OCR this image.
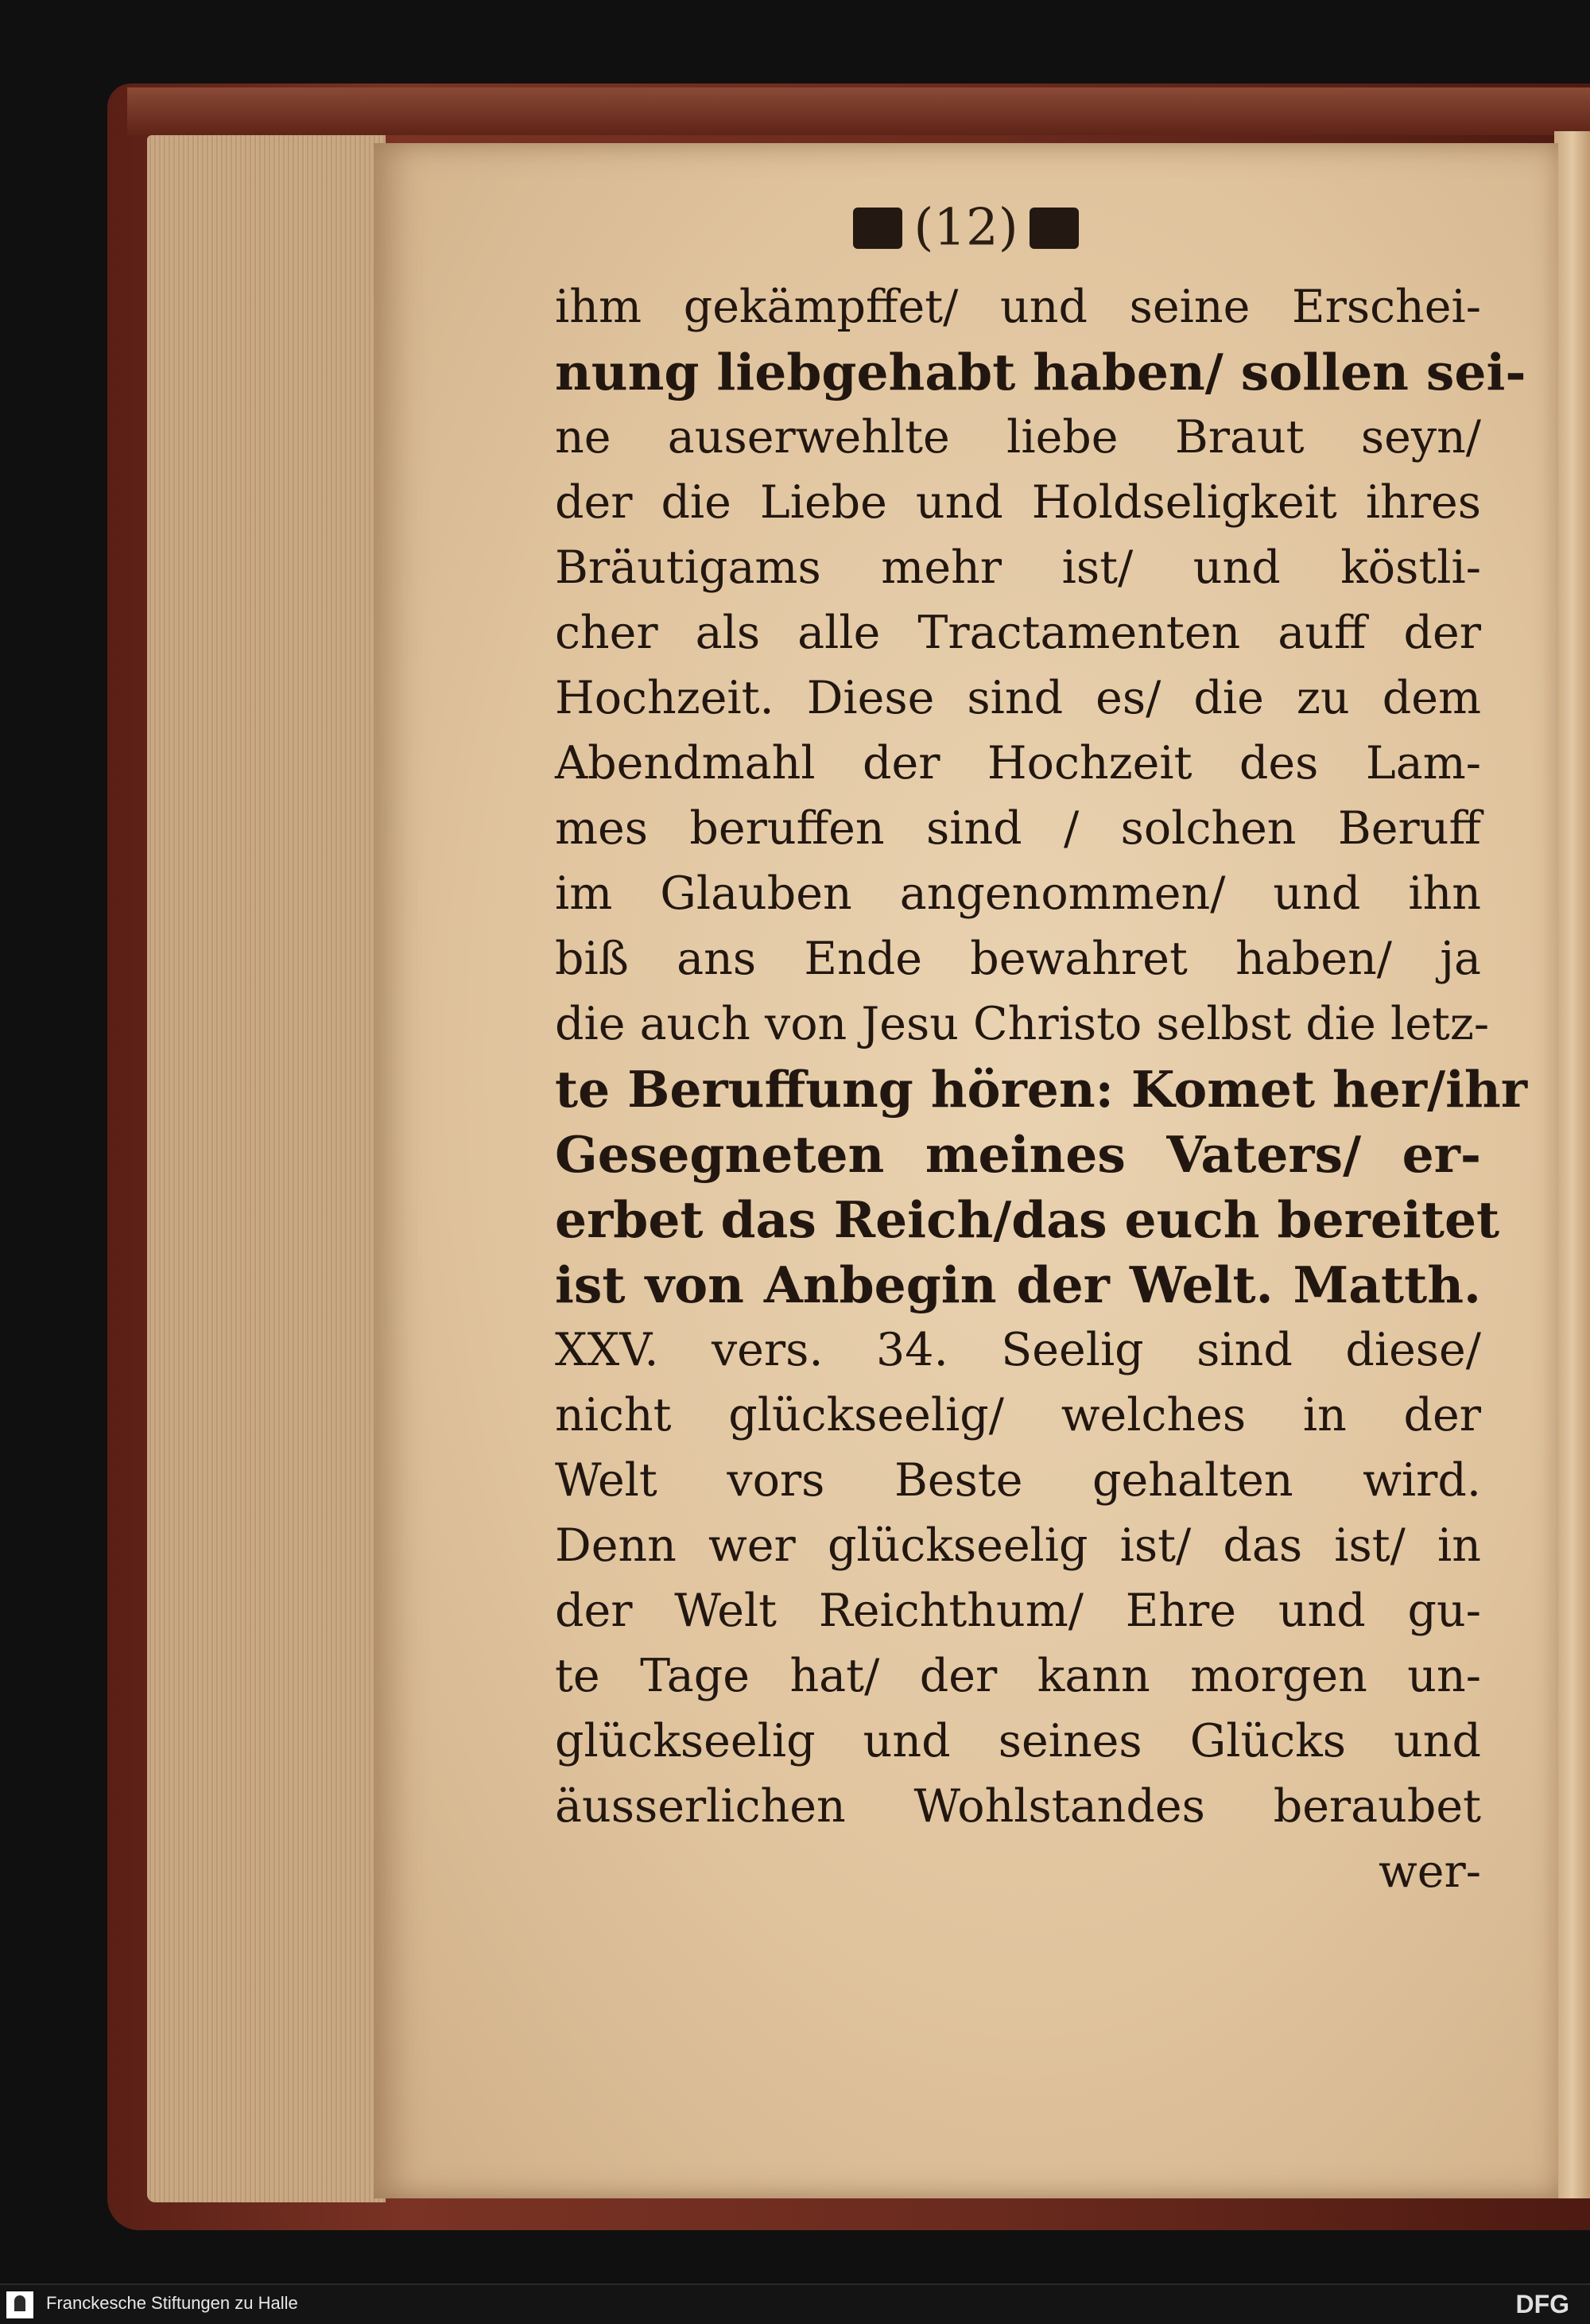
(12)
ihm gekämpffet/ und seine Erschei-
nung liebgehabt haben/ sollen sei-
ne auserwehlte liebe Braut seyn/
der die Liebe und Holdseligkeit ihres
Bräutigams mehr ist/ und köstli-
cher als alle Tractamenten auff der
Hochzeit. Diese sind es/ die zu dem
Abendmahl der Hochzeit des Lam-
mes beruffen sind / solchen Beruff
im Glauben angenommen/ und ihn
biß ans Ende bewahret haben/ ja
die auch von Jesu Christo selbst die letz-
te Beruffung hören: Komet her/ihr
Gesegneten meines Vaters/ er-
erbet das Reich/das euch bereitet
ist von Anbegin der Welt. Matth.
XXV. vers. 34. Seelig sind diese/
nicht glückseelig/ welches in der
Welt vors Beste gehalten wird.
Denn wer glückseelig ist/ das ist/ in
der Welt Reichthum/ Ehre und gu-
te Tage hat/ der kann morgen un-
glückseelig und seines Glücks und
äusserlichen Wohlstandes beraubet
wer-
Franckesche Stiftungen zu Halle	DFG
